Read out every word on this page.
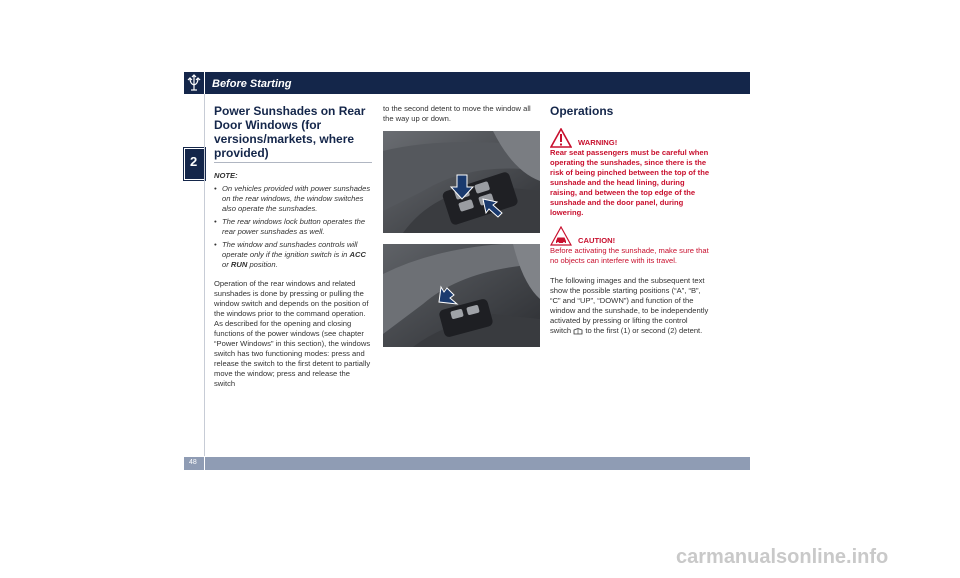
Before Starting
2
Power Sunshades on Rear Door Windows (for versions/markets, where provided)
NOTE:
• On vehicles provided with power sunshades on the rear windows, the window switches also operate the sunshades.
• The rear windows lock button operates the rear power sunshades as well.
• The window and sunshades controls will operate only if the ignition switch is in ACC or RUN position.

Operation of the rear windows and related sunshades is done by pressing or pulling the window switch and depends on the position of the windows prior to the command operation.

As described for the opening and closing functions of the power windows (see chapter “Power Windows” in this section), the windows switch has two functioning modes: press and release the switch to the first detent to partially move the window; press and release the switch

to the second detent to move the window all the way up or down.

Operations
WARNING!

Rear seat passengers must be careful when operating the sunshades, since there is the risk of being pinched between the top of the sunshade and the head lining, during raising, and between the top edge of the sunshade and the door panel, during lowering.

CAUTION!

Before activating the sunshade, make sure that no objects can interfere with its travel.

The following images and the subsequent text show the possible starting positions (“A”, “B”, “C” and “UP”, “DOWN”) and function of the window and the sunshade, to be independently activated by pressing or lifting the control switch to the first (1) or second (2) detent.

48
carmanualsonline.info
